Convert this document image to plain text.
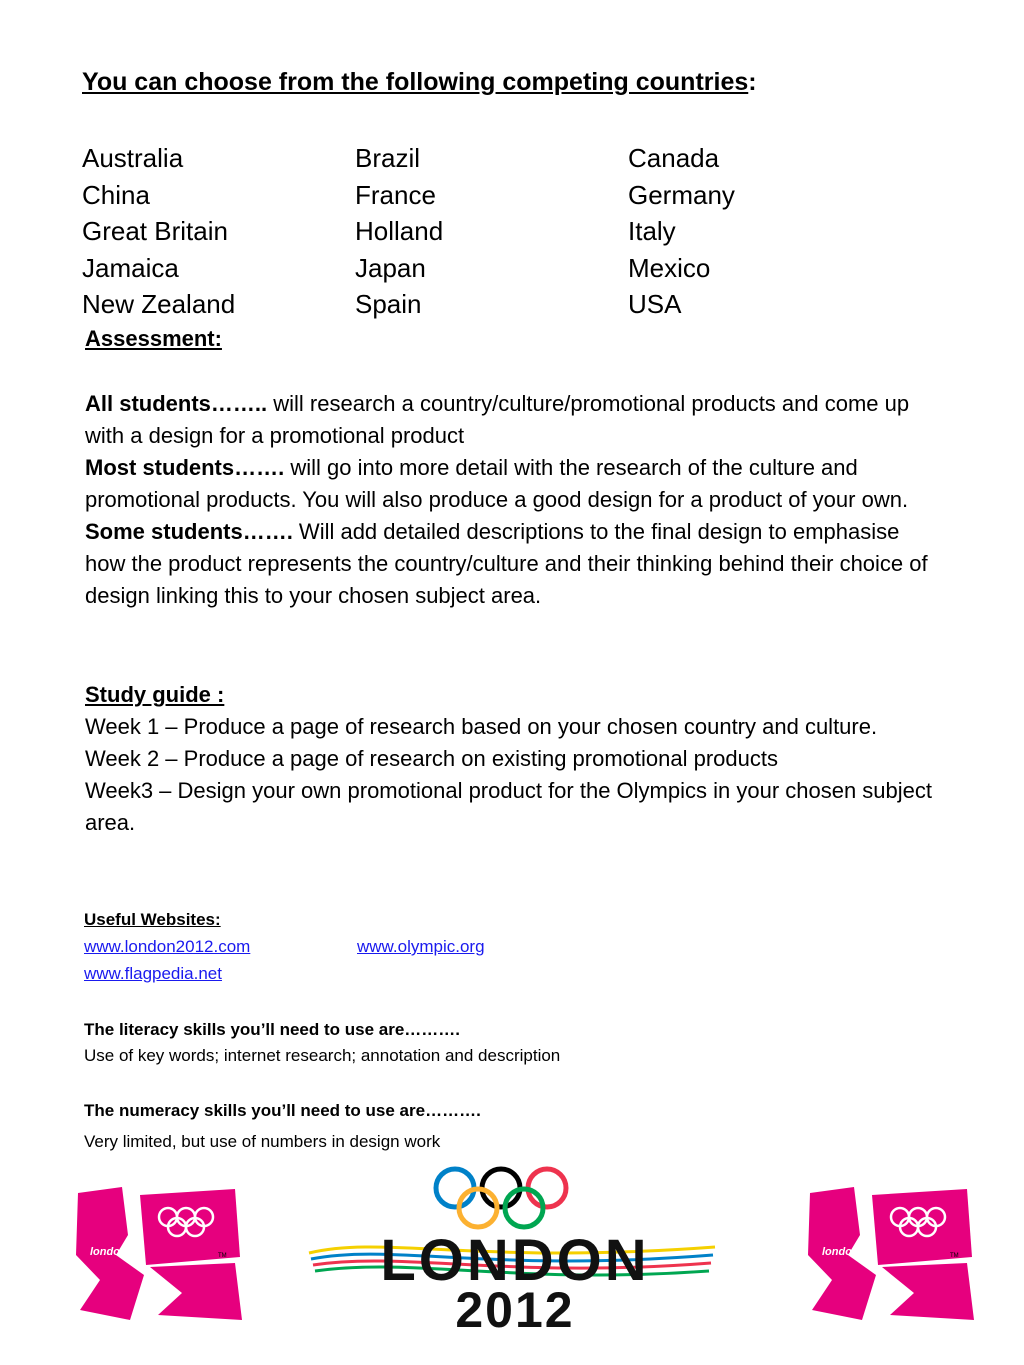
You can choose from the following competing countries:
Australia	Brazil	Canada
China	France	Germany
Great Britain	Holland	Italy
Jamaica	Japan	Mexico
New Zealand	Spain	USA
Assessment:
All students…….. will research a country/culture/promotional products and come up with a design for a promotional product
Most students……. will go into more detail with the research of the culture and promotional products. You will also produce a good design for a product of your own.
Some students……. Will add detailed descriptions to the final design to emphasise how the product represents the country/culture and their thinking behind their choice of design linking this to your chosen subject area.
Study guide :
Week 1 – Produce a page of research based on your chosen country and culture.
Week 2 – Produce a page of research on existing promotional products
Week3 – Design your own promotional product for the Olympics in your chosen subject area.
Useful Websites:
www.london2012.com	www.olympic.org
www.flagpedia.net
The literacy skills you’ll need to use are……….
Use of key words; internet research; annotation and description
The numeracy skills you’ll need to use are……….
Very limited, but use of numbers in design work
london	TM	LONDON
2012
london	TM
